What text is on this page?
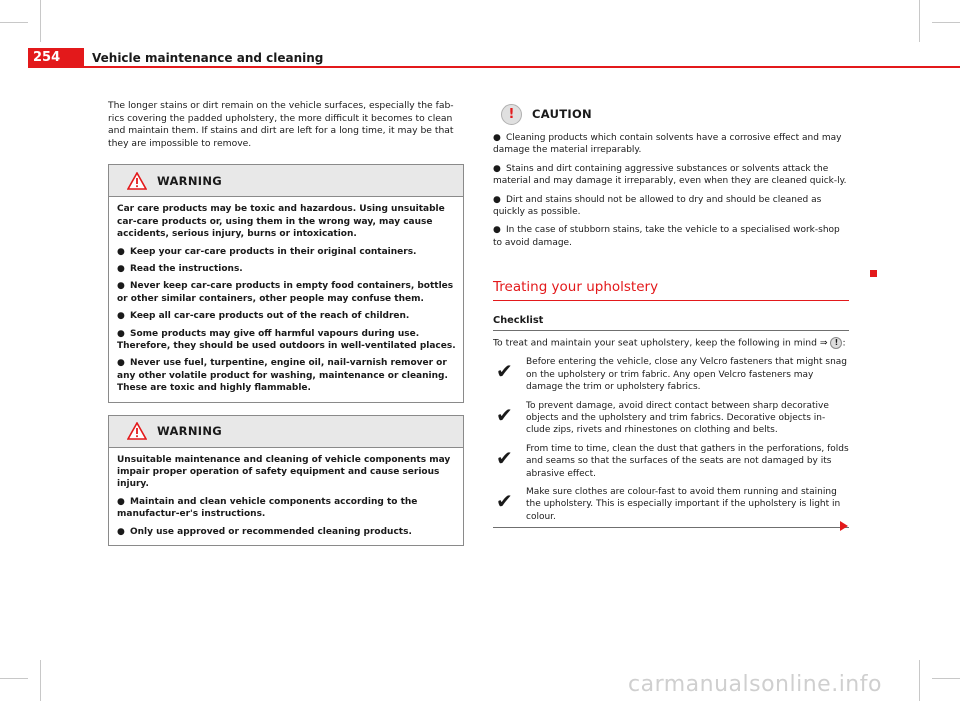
254	Vehicle maintenance and cleaning

The longer stains or dirt remain on the vehicle surfaces, especially the fab-rics covering the padded upholstery, the more difficult it becomes to clean and maintain them. If stains and dirt are left for a long time, it may be that they are impossible to remove.

WARNING

Car care products may be toxic and hazardous. Using unsuitable car-care products or, using them in the wrong way, may cause accidents, serious injury, burns or intoxication.

● Keep your car-care products in their original containers.

● Read the instructions.

● Never keep car-care products in empty food containers, bottles or other similar containers, other people may confuse them.

● Keep all car-care products out of the reach of children.

● Some products may give off harmful vapours during use. Therefore, they should be used outdoors in well-ventilated places.

● Never use fuel, turpentine, engine oil, nail-varnish remover or any other volatile product for washing, maintenance or cleaning. These are toxic and highly flammable.

WARNING

Unsuitable maintenance and cleaning of vehicle components may impair proper operation of safety equipment and cause serious injury.

● Maintain and clean vehicle components according to the manufactur-er's instructions.

● Only use approved or recommended cleaning products.

!	CAUTION

● Cleaning products which contain solvents have a corrosive effect and may damage the material irreparably.

● Stains and dirt containing aggressive substances or solvents attack the material and may damage it irreparably, even when they are cleaned quick-ly.

● Dirt and stains should not be allowed to dry and should be cleaned as quickly as possible.

● In the case of stubborn stains, take the vehicle to a specialised work-shop to avoid damage.

Treating your upholstery
Checklist

To treat and maintain your seat upholstery, keep the following in mind ⇒ ! :

✔	Before entering the vehicle, close any Velcro fasteners that might snag on the upholstery or trim fabric. Any open Velcro fasteners may damage the trim or upholstery fabrics.
✔	To prevent damage, avoid direct contact between sharp decorative objects and the upholstery and trim fabrics. Decorative objects in-clude zips, rivets and rhinestones on clothing and belts.
✔	From time to time, clean the dust that gathers in the perforations, folds and seams so that the surfaces of the seats are not damaged by its abrasive effect.
✔	Make sure clothes are colour-fast to avoid them running and staining the upholstery. This is especially important if the upholstery is light in colour.
carmanualsonline.info
